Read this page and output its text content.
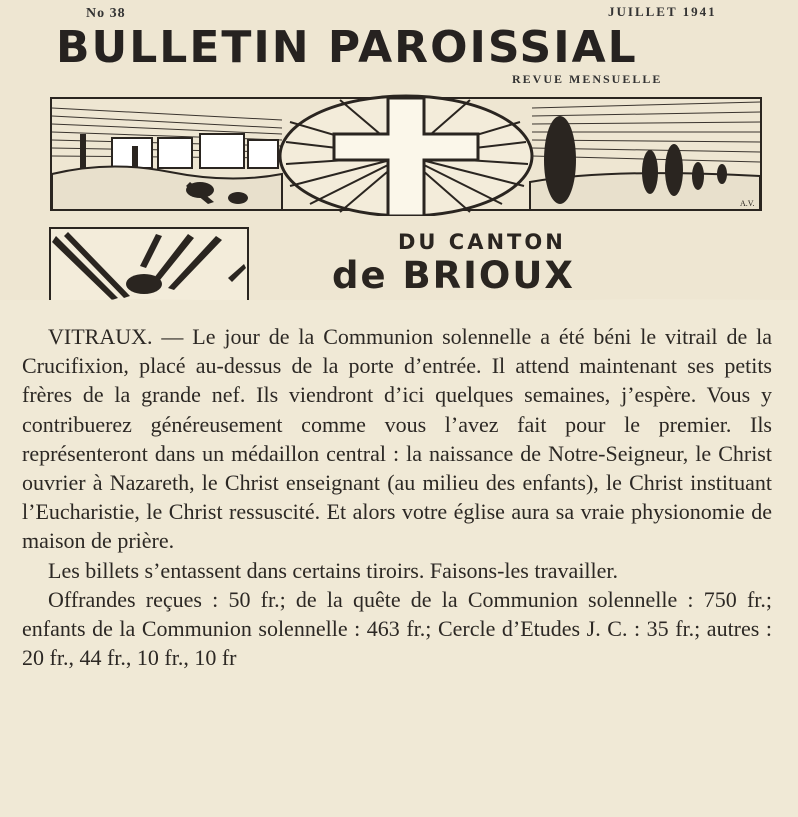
No 38	JUILLET 1941
BULLETIN PAROISSIAL
REVUE MENSUELLE
A.V.
DU CANTON
de BRIOUX

VITRAUX. — Le jour de la Communion solennelle a été béni le vitrail de la Crucifixion, placé au-dessus de la porte d’entrée. Il attend maintenant ses petits frères de la grande nef. Ils viendront d’ici quelques semaines, j’espère. Vous y contribuerez généreusement comme vous l’avez fait pour le premier. Ils représenteront dans un médaillon central : la naissance de Notre-Seigneur, le Christ ouvrier à Nazareth, le Christ enseignant (au milieu des enfants), le Christ instituant l’Eucharistie, le Christ ressuscité. Et alors votre église aura sa vraie physionomie de maison de prière.

Les billets s’entassent dans certains tiroirs. Faisons-les travailler.

Offrandes reçues : 50 fr.; de la quête de la Communion solennelle : 750 fr.; enfants de la Communion solennelle : 463 fr.; Cercle d’Etudes J. C. : 35 fr.; autres : 20 fr., 44 fr., 10 fr., 10 fr
